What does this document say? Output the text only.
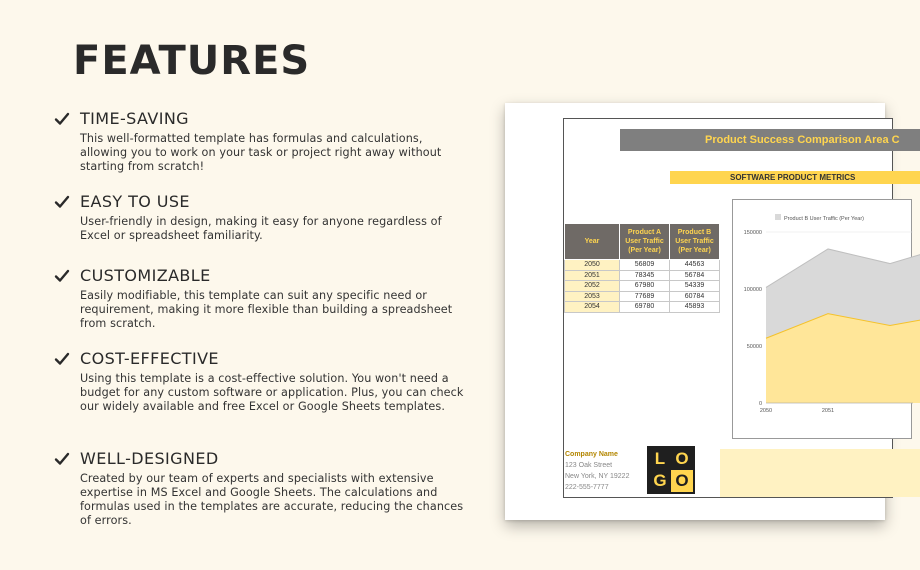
FEATURES
TIME-SAVING
This well-formatted template has formulas and calculations, allowing you to work on your task or project right away without starting from scratch!
EASY TO USE
User-friendly in design, making it easy for anyone regardless of Excel or spreadsheet familiarity.
CUSTOMIZABLE
Easily modifiable, this template can suit any specific need or requirement, making it more flexible than building a spreadsheet from scratch.
COST-EFFECTIVE
Using this template is a cost-effective solution. You won't need a budget for any custom software or application. Plus, you can check our widely available and free Excel or Google Sheets templates.
WELL-DESIGNED
Created by our team of experts and specialists with extensive expertise in MS Excel and Google Sheets. The calculations and formulas used in the templates are accurate, reducing the chances of errors.
Product Success Comparison Area C
SOFTWARE PRODUCT METRICS
Year	Product A User Traffic (Per Year)	Product B User Traffic (Per Year)
2050	56809	44563
2051	78345	56784
2052	67980	54339
2053	77689	60784
2054	69780	45893
Product B User Traffic (Per Year)
0
50000
100000
150000
2050	2051
Company Name
123 Oak Street
New York, NY 19222
222-555-7777
L O
G O
